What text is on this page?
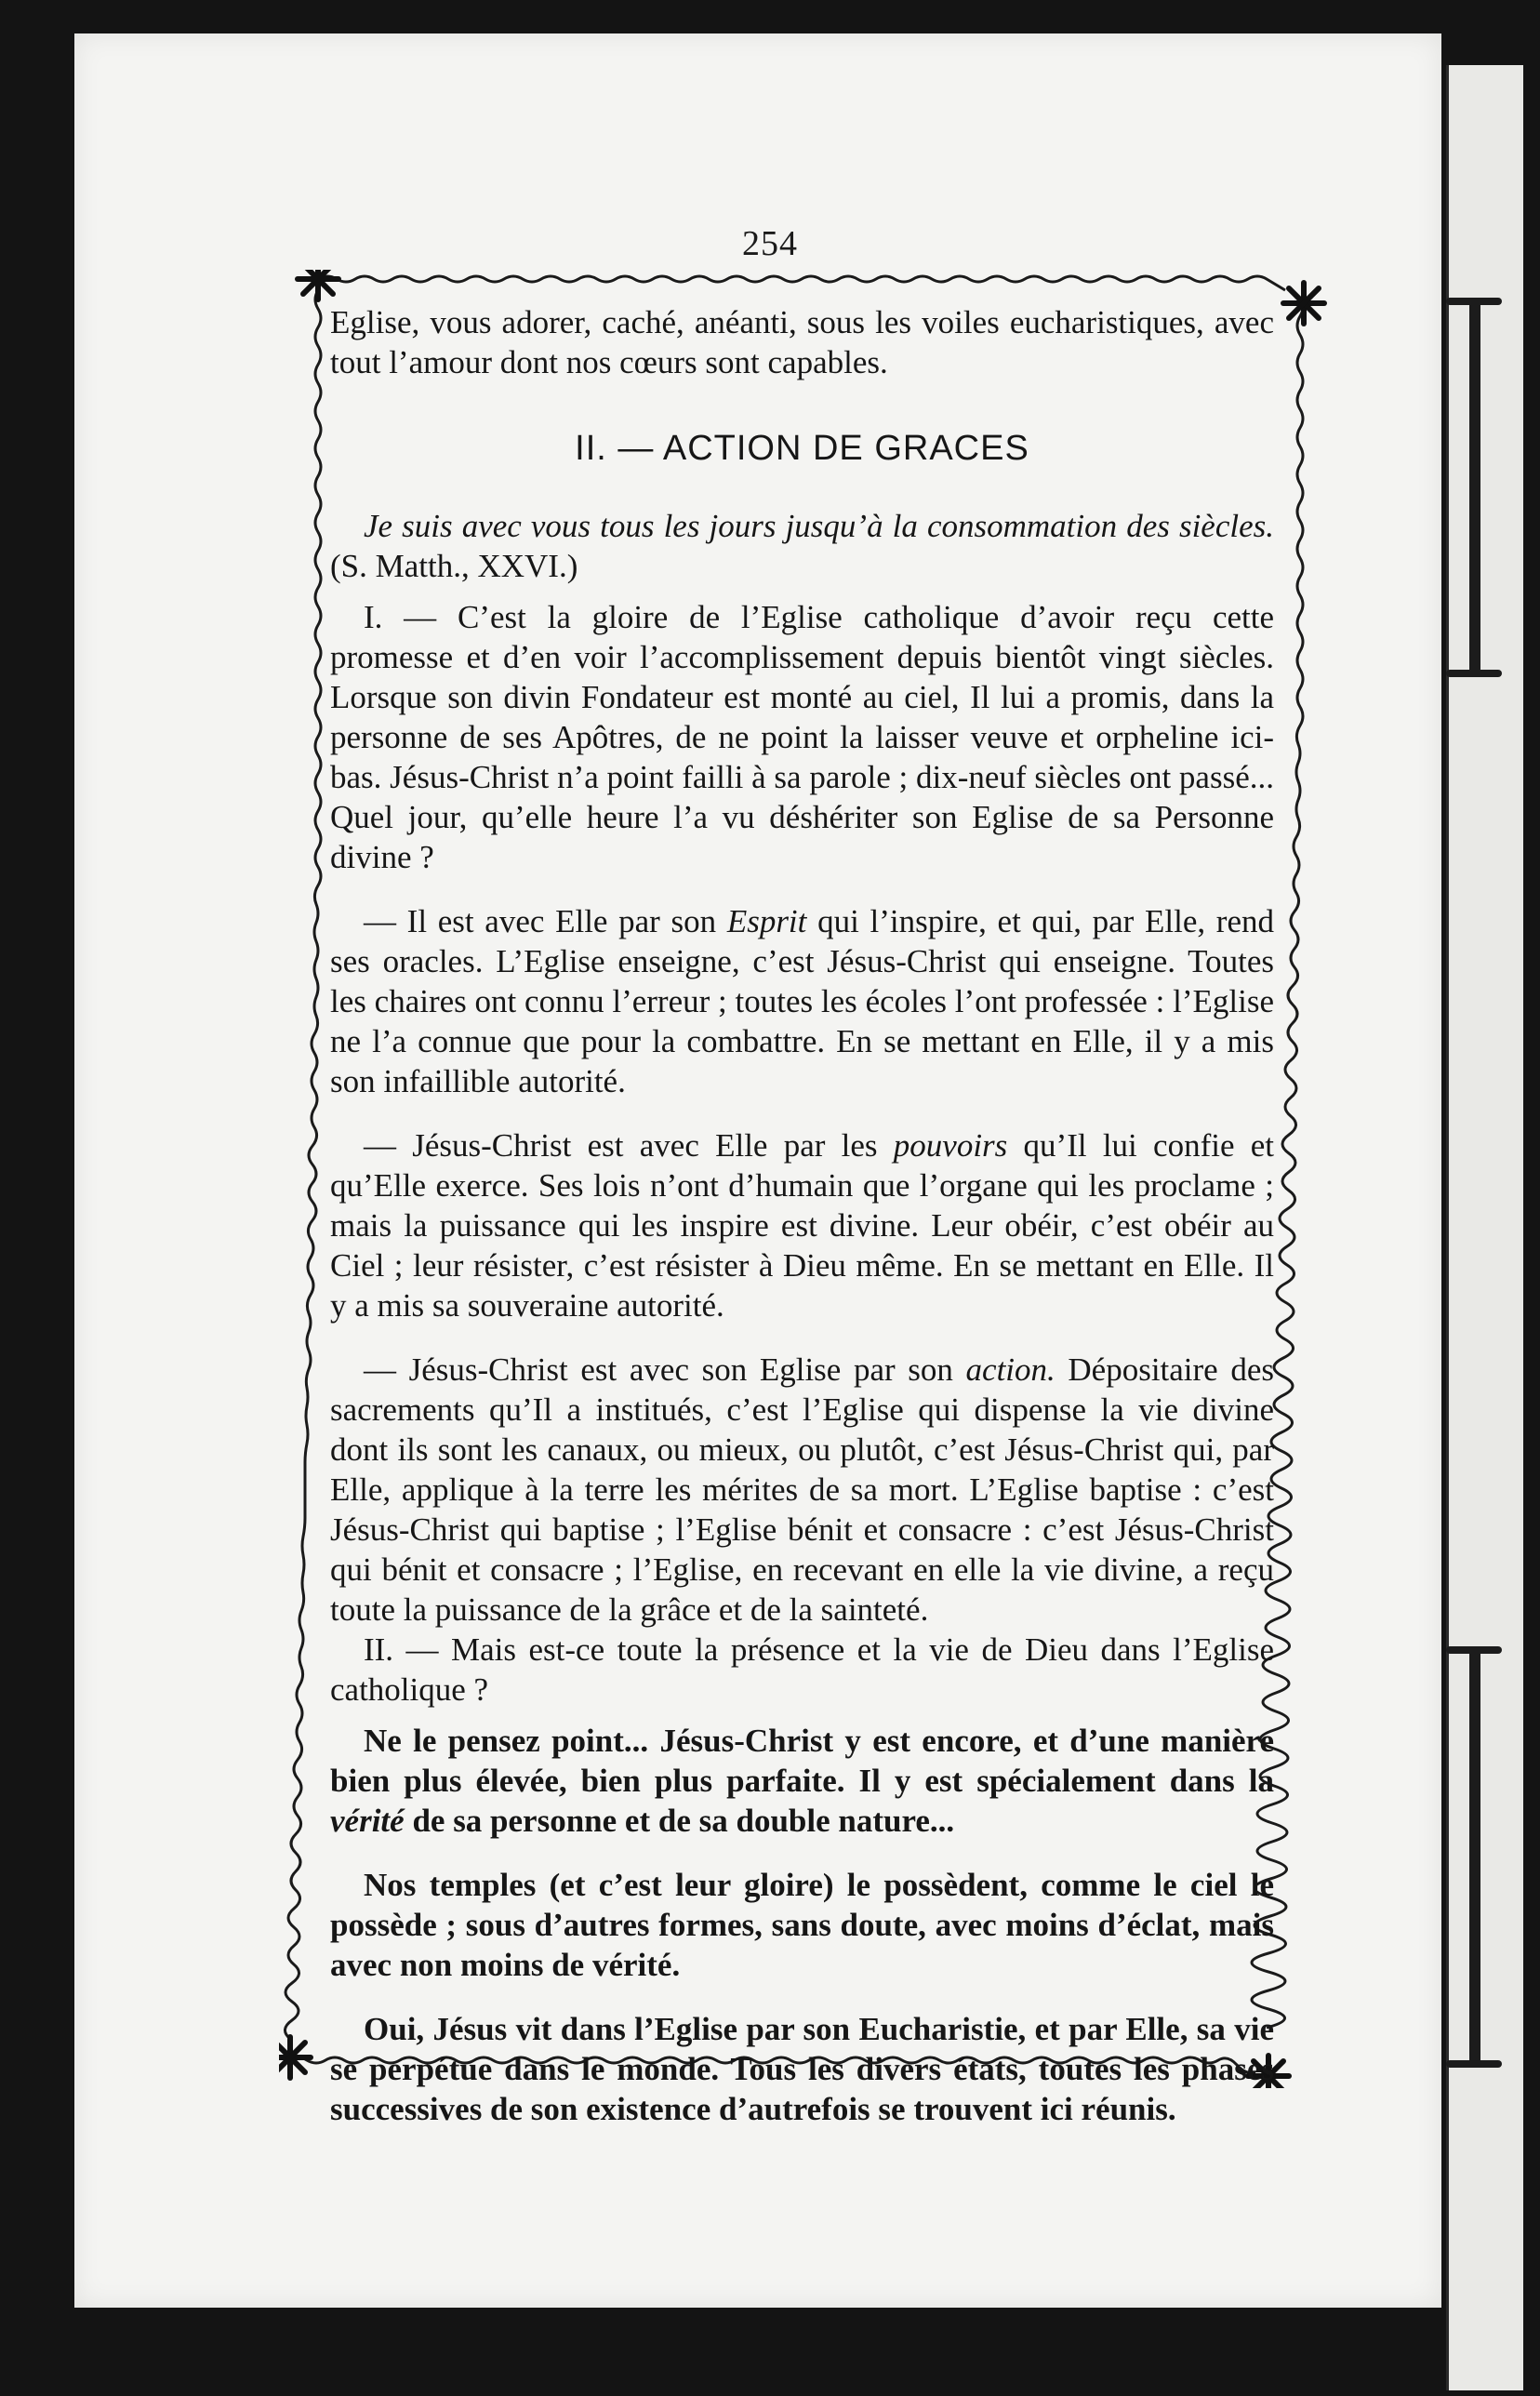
254

Eglise, vous adorer, caché, anéanti, sous les voiles eucharistiques, avec tout l’amour dont nos cœurs sont capables.

II. — ACTION DE GRACES

Je suis avec vous tous les jours jusqu’à la consommation des siècles. (S. Matth., XXVI.)

I. — C’est la gloire de l’Eglise catholique d’avoir reçu cette promesse et d’en voir l’accomplissement depuis bientôt vingt siècles. Lorsque son divin Fondateur est monté au ciel, Il lui a promis, dans la personne de ses Apôtres, de ne point la laisser veuve et orpheline ici-bas. Jésus-Christ n’a point failli à sa parole ; dix-neuf siècles ont passé... Quel jour, qu’elle heure l’a vu déshériter son Eglise de sa Personne divine ?

— Il est avec Elle par son Esprit qui l’inspire, et qui, par Elle, rend ses oracles. L’Eglise enseigne, c’est Jésus-Christ qui enseigne. Toutes les chaires ont connu l’erreur ; toutes les écoles l’ont professée : l’Eglise ne l’a connue que pour la combattre. En se mettant en Elle, il y a mis son infaillible autorité.

— Jésus-Christ est avec Elle par les pouvoirs qu’Il lui confie et qu’Elle exerce. Ses lois n’ont d’humain que l’organe qui les proclame ; mais la puissance qui les inspire est divine. Leur obéir, c’est obéir au Ciel ; leur résister, c’est résister à Dieu même. En se mettant en Elle. Il y a mis sa souveraine autorité.

— Jésus-Christ est avec son Eglise par son action. Dépositaire des sacrements qu’Il a institués, c’est l’Eglise qui dispense la vie divine dont ils sont les canaux, ou mieux, ou plutôt, c’est Jésus-Christ qui, par Elle, applique à la terre les mérites de sa mort. L’Eglise baptise : c’est Jésus-Christ qui baptise ; l’Eglise bénit et consacre : c’est Jésus-Christ qui bénit et consacre ; l’Eglise, en recevant en elle la vie divine, a reçu toute la puissance de la grâce et de la sainteté.

II. — Mais est-ce toute la présence et la vie de Dieu dans l’Eglise catholique ?

Ne le pensez point... Jésus-Christ y est encore, et d’une manière bien plus élevée, bien plus parfaite. Il y est spécialement dans la vérité de sa personne et de sa double nature...

Nos temples (et c’est leur gloire) le possèdent, comme le ciel le possède ; sous d’autres formes, sans doute, avec moins d’éclat, mais avec non moins de vérité.

Oui, Jésus vit dans l’Eglise par son Eucharistie, et par Elle, sa vie se perpétue dans le monde. Tous les divers états, toutes les phases successives de son existence d’autrefois se trouvent ici réunis.
